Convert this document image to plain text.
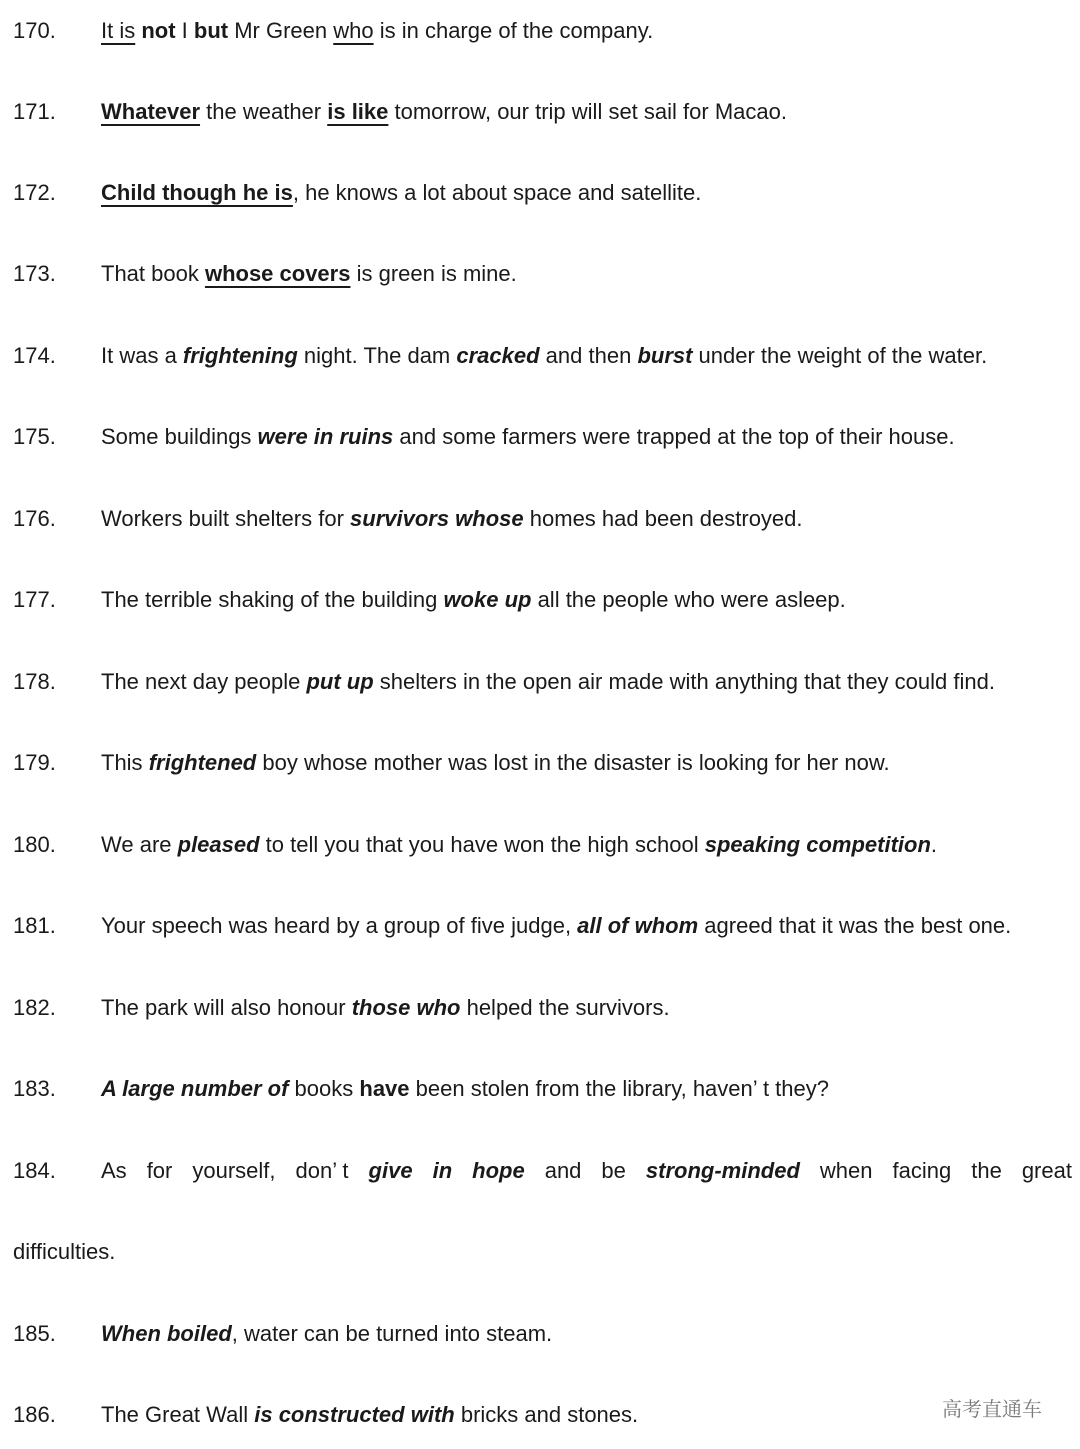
170. It is not I but Mr Green who is in charge of the company.
171. Whatever the weather is like tomorrow, our trip will set sail for Macao.
172. Child though he is, he knows a lot about space and satellite.
173. That book whose covers is green is mine.
174. It was a frightening night. The dam cracked and then burst under the weight of the water.
175. Some buildings were in ruins and some farmers were trapped at the top of their house.
176. Workers built shelters for survivors whose homes had been destroyed.
177. The terrible shaking of the building woke up all the people who were asleep.
178. The next day people put up shelters in the open air made with anything that they could find.
179. This frightened boy whose mother was lost in the disaster is looking for her now.
180. We are pleased to tell you that you have won the high school speaking competition.
181. Your speech was heard by a group of five judge, all of whom agreed that it was the best one.
182. The park will also honour those who helped the survivors.
183. A large number of books have been stolen from the library, haven’ t they?
184. As for yourself, don’ t give in hope and be strong-minded when facing the great
difficulties.
185. When boiled, water can be turned into steam.
186. The Great Wall is constructed with bricks and stones.	高考直通车
